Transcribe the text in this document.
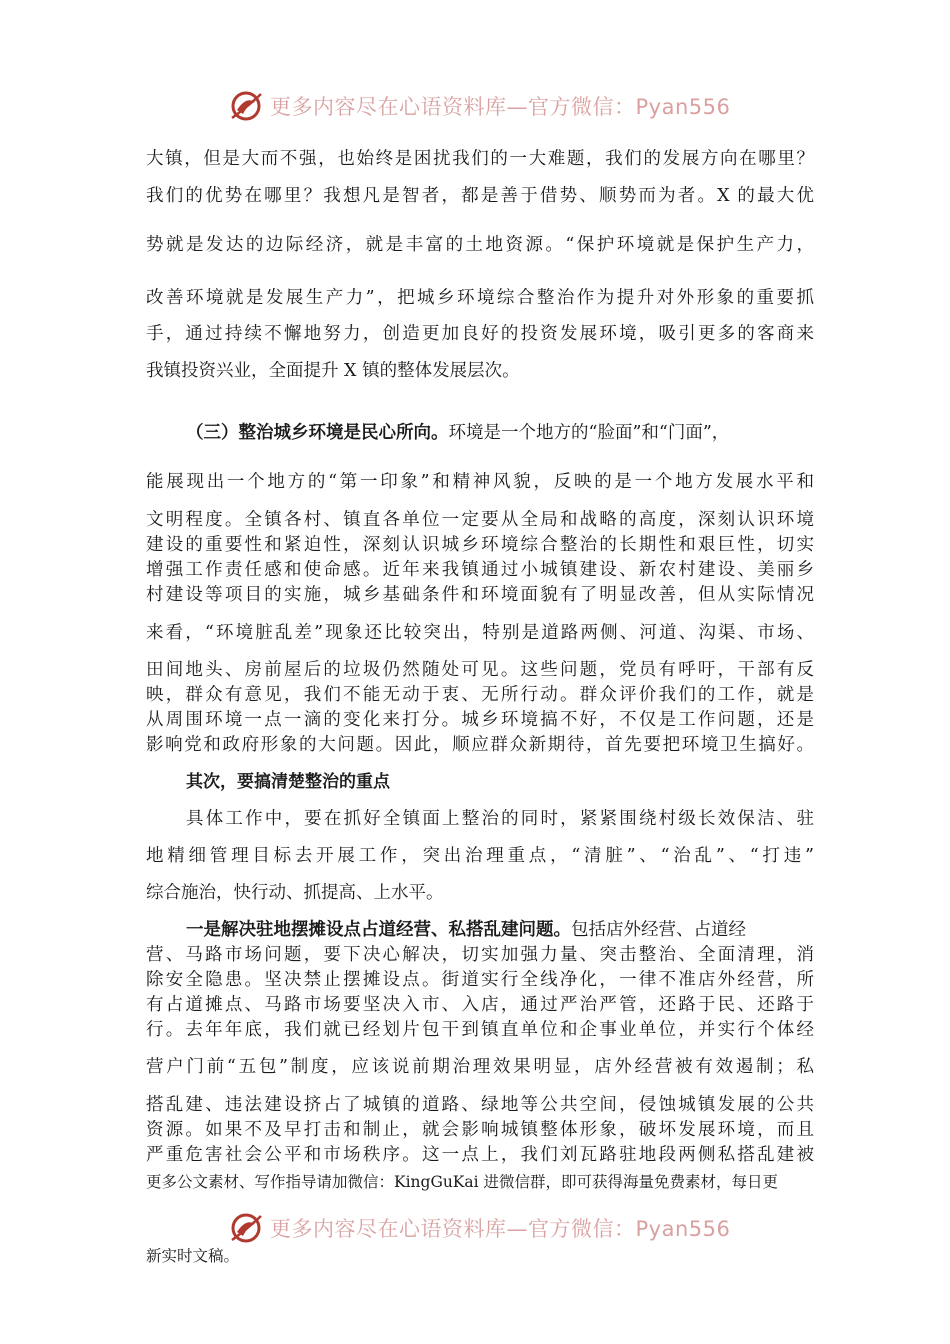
更多内容尽在心语资料库—官方微信：Pyan556
大镇，但是大而不强，也始终是困扰我们的一大难题，我们的发展方向在哪里？
我们的优势在哪里？我想凡是智者，都是善于借势、顺势而为者。X 的最大优
势就是发达的边际经济，就是丰富的土地资源。“保护环境就是保护生产力，
改善环境就是发展生产力”，把城乡环境综合整治作为提升对外形象的重要抓
手，通过持续不懈地努力，创造更加良好的投资发展环境，吸引更多的客商来
我镇投资兴业，全面提升 X 镇的整体发展层次。
（三）整治城乡环境是民心所向。环境是一个地方的“脸面”和“门面”，
能展现出一个地方的“第一印象”和精神风貌，反映的是一个地方发展水平和
文明程度。全镇各村、镇直各单位一定要从全局和战略的高度，深刻认识环境
建设的重要性和紧迫性，深刻认识城乡环境综合整治的长期性和艰巨性，切实
增强工作责任感和使命感。近年来我镇通过小城镇建设、新农村建设、美丽乡
村建设等项目的实施，城乡基础条件和环境面貌有了明显改善，但从实际情况
来看，“环境脏乱差”现象还比较突出，特别是道路两侧、河道、沟渠、市场、
田间地头、房前屋后的垃圾仍然随处可见。这些问题，党员有呼吁，干部有反
映，群众有意见，我们不能无动于衷、无所行动。群众评价我们的工作，就是
从周围环境一点一滴的变化来打分。城乡环境搞不好，不仅是工作问题，还是
影响党和政府形象的大问题。因此，顺应群众新期待，首先要把环境卫生搞好。
其次，要搞清楚整治的重点
具体工作中，要在抓好全镇面上整治的同时，紧紧围绕村级长效保洁、驻
地精细管理目标去开展工作，突出治理重点，“清脏”、“治乱”、“打违”
综合施治，快行动、抓提高、上水平。
一是解决驻地摆摊设点占道经营、私搭乱建问题。包括店外经营、占道经
营、马路市场问题，要下决心解决，切实加强力量、突击整治、全面清理，消
除安全隐患。坚决禁止摆摊设点。街道实行全线净化，一律不准店外经营，所
有占道摊点、马路市场要坚决入市、入店，通过严治严管，还路于民、还路于
行。去年年底，我们就已经划片包干到镇直单位和企事业单位，并实行个体经
营户门前“五包”制度，应该说前期治理效果明显，店外经营被有效遏制；私
搭乱建、违法建设挤占了城镇的道路、绿地等公共空间，侵蚀城镇发展的公共
资源。如果不及早打击和制止，就会影响城镇整体形象，破坏发展环境，而且
严重危害社会公平和市场秩序。这一点上，我们刘瓦路驻地段两侧私搭乱建被
更多公文素材、写作指导请加微信：KingGuKai 进微信群，即可获得海量免费素材，每日更
更多内容尽在心语资料库—官方微信：Pyan556
新实时文稿。
